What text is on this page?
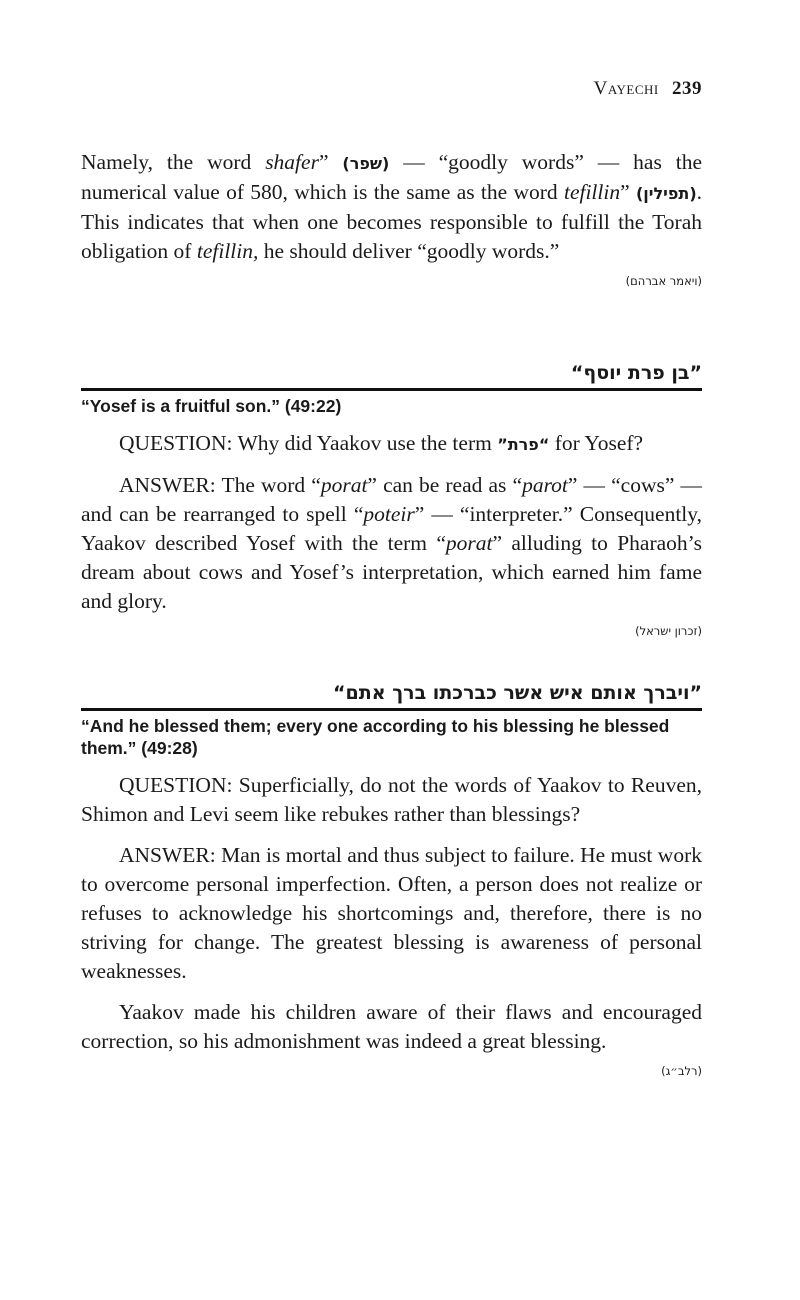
Vayechi 239

Namely, the word shafer” (שפר) — “goodly words” — has the numerical value of 580, which is the same as the word tefillin” (תפילין). This indicates that when one becomes responsible to fulfill the Torah obligation of tefillin, he should deliver “goodly words.”

(ויאמר אברהם)
”בן פרת יוסף“
“Yosef is a fruitful son.” (49:22)

QUESTION: Why did Yaakov use the term ”פרת“ for Yosef?

ANSWER: The word “porat” can be read as “parot” — “cows” — and can be rearranged to spell “poteir” — “interpreter.” Consequently, Yaakov described Yosef with the term “porat” alluding to Pharaoh’s dream about cows and Yosef’s interpretation, which earned him fame and glory.

(זכרון ישראל)
”ויברך אותם איש אשר כברכתו ברך אתם“
“And he blessed them; every one according to his blessing he blessed them.” (49:28)

QUESTION: Superficially, do not the words of Yaakov to Reuven, Shimon and Levi seem like rebukes rather than blessings?

ANSWER: Man is mortal and thus subject to failure. He must work to overcome personal imperfection. Often, a person does not realize or refuses to acknowledge his shortcomings and, therefore, there is no striving for change. The greatest blessing is awareness of personal weaknesses.

Yaakov made his children aware of their flaws and encouraged correction, so his admonishment was indeed a great blessing.

(רלב״ג)
